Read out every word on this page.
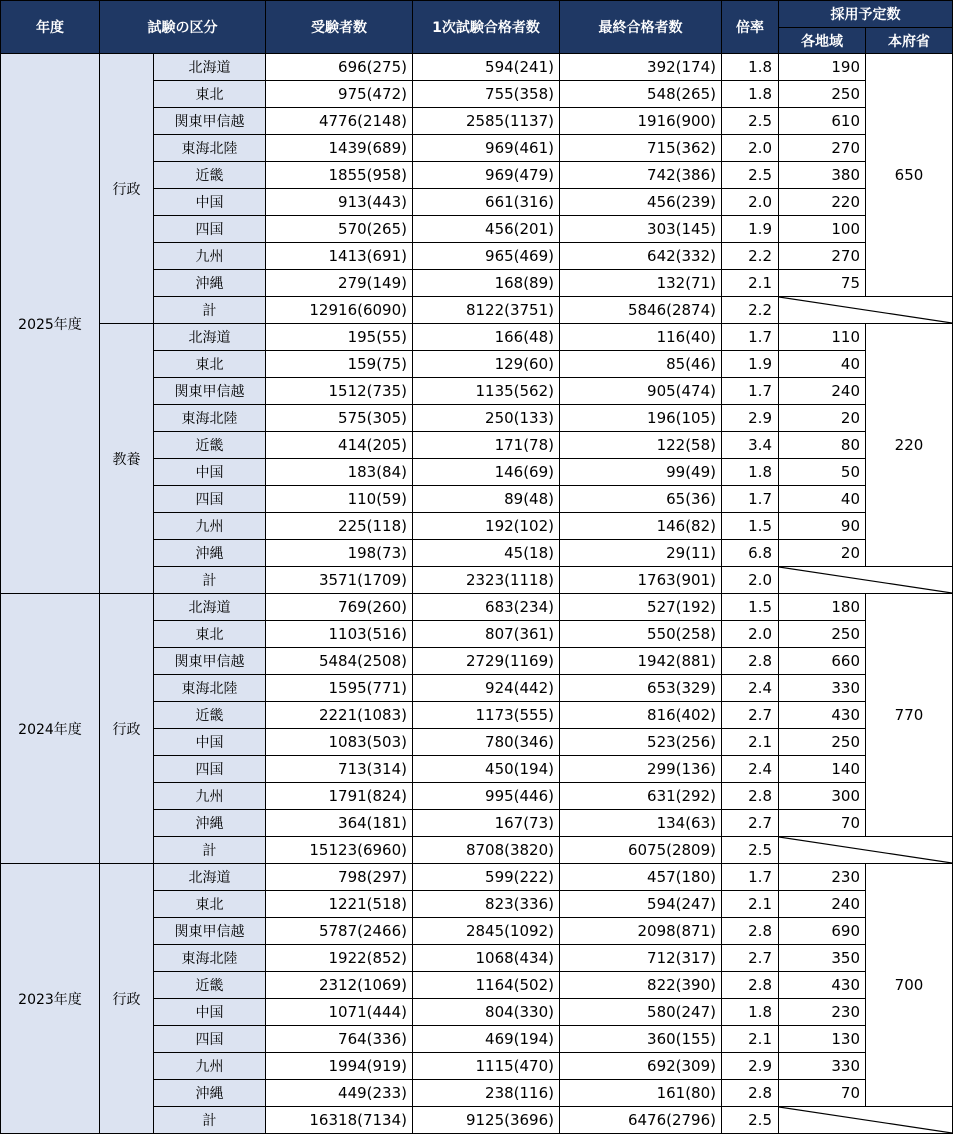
年度	試験の区分		受験者数	1次試験合格者数	最終合格者数	倍率	採用予定数	
							各地域	本府省
2025年度	行政	北海道	696(275)	594(241)	392(174)	1.8	190	650
		東北	975(472)	755(358)	548(265)	1.8	250	
		関東甲信越	4776(2148)	2585(1137)	1916(900)	2.5	610	
		東海北陸	1439(689)	969(461)	715(362)	2.0	270	
		近畿	1855(958)	969(479)	742(386)	2.5	380	
		中国	913(443)	661(316)	456(239)	2.0	220	
		四国	570(265)	456(201)	303(145)	1.9	100	
		九州	1413(691)	965(469)	642(332)	2.2	270	
		沖縄	279(149)	168(89)	132(71)	2.1	75	
		計	12916(6090)	8122(3751)	5846(2874)	2.2		
	教養	北海道	195(55)	166(48)	116(40)	1.7	110	220
		東北	159(75)	129(60)	85(46)	1.9	40	
		関東甲信越	1512(735)	1135(562)	905(474)	1.7	240	
		東海北陸	575(305)	250(133)	196(105)	2.9	20	
		近畿	414(205)	171(78)	122(58)	3.4	80	
		中国	183(84)	146(69)	99(49)	1.8	50	
		四国	110(59)	89(48)	65(36)	1.7	40	
		九州	225(118)	192(102)	146(82)	1.5	90	
		沖縄	198(73)	45(18)	29(11)	6.8	20	
		計	3571(1709)	2323(1118)	1763(901)	2.0		
2024年度	行政	北海道	769(260)	683(234)	527(192)	1.5	180	770
		東北	1103(516)	807(361)	550(258)	2.0	250	
		関東甲信越	5484(2508)	2729(1169)	1942(881)	2.8	660	
		東海北陸	1595(771)	924(442)	653(329)	2.4	330	
		近畿	2221(1083)	1173(555)	816(402)	2.7	430	
		中国	1083(503)	780(346)	523(256)	2.1	250	
		四国	713(314)	450(194)	299(136)	2.4	140	
		九州	1791(824)	995(446)	631(292)	2.8	300	
		沖縄	364(181)	167(73)	134(63)	2.7	70	
		計	15123(6960)	8708(3820)	6075(2809)	2.5		
2023年度	行政	北海道	798(297)	599(222)	457(180)	1.7	230	700
		東北	1221(518)	823(336)	594(247)	2.1	240	
		関東甲信越	5787(2466)	2845(1092)	2098(871)	2.8	690	
		東海北陸	1922(852)	1068(434)	712(317)	2.7	350	
		近畿	2312(1069)	1164(502)	822(390)	2.8	430	
		中国	1071(444)	804(330)	580(247)	1.8	230	
		四国	764(336)	469(194)	360(155)	2.1	130	
		九州	1994(919)	1115(470)	692(309)	2.9	330	
		沖縄	449(233)	238(116)	161(80)	2.8	70	
		計	16318(7134)	9125(3696)	6476(2796)	2.5		
